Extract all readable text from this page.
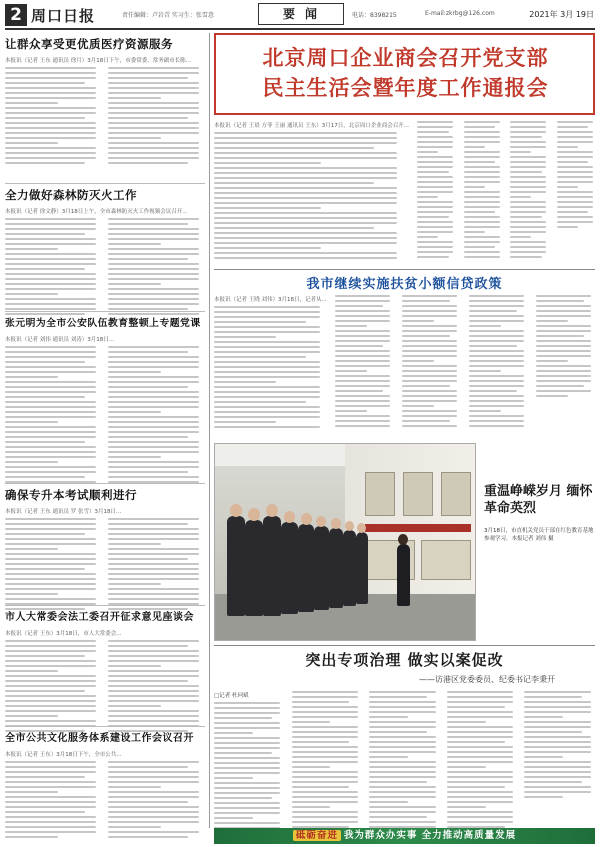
2 周口日报	责任编辑：卢岩青 实习生：张雪意	要闻	电话：8398215	E-mail:zkrbg@126.com	2021年 3月 19日
让群众享受更优质医疗资源服务
本报讯（记者 王东 通讯员 徐月）3月18日下午，市委常委、常务副市长陈...
全力做好森林防灭火工作
本报讯（记者 徐文静）3月18日上午，全市森林防灭火工作视频会议召开...
张元明为全市公安队伍教育整顿上专题党课
本报讯（记者 刘伟 通讯员 刘涛）3月18日...
确保专升本考试顺利进行
本报讯（记者 王东 通讯员 罗 张雪）3月18日...
市人大常委会法工委召开征求意见座谈会
本报讯（记者 王东）3月18日，市人大常委会...
全市公共文化服务体系建设工作会议召开
本报讯（记者 王东）3月18日下午，全市公共...
北京周口企业商会召开党支部
民主生活会暨年度工作通报会
本报讯（记者 王晨 方菲 王丽 通讯员 王东）3月17日，北京周口企业商会召开...
我市继续实施扶贫小额信贷政策
本报讯（记者 王晓 刘伟）3月18日，记者从...
重温峥嵘岁月 缅怀革命英烈
3月18日，市直机关党员干部在红色教育基地参观学习。本报记者 刘伟 摄
突出专项治理 做实以案促改
——访港区党委委员、纪委书记李秉开
□记者 杜珂斌
砥砺奋进 我为群众办实事 全力推动高质量发展
